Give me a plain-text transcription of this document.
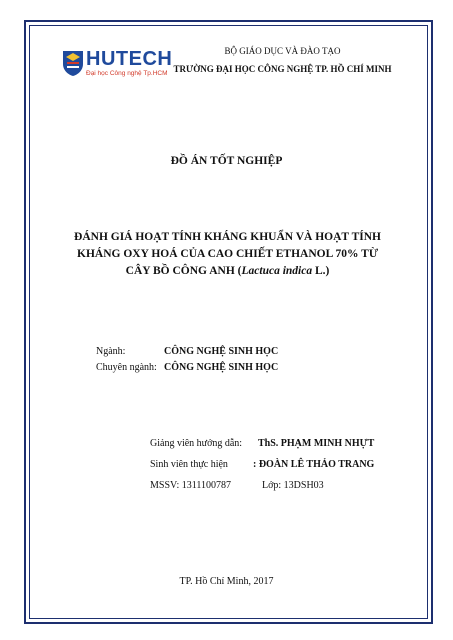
HUTECH
Đại học Công nghệ Tp.HCM
BỘ GIÁO DỤC VÀ ĐÀO TẠO
TRƯỜNG ĐẠI HỌC CÔNG NGHỆ TP. HỒ CHÍ MINH
ĐỒ ÁN TỐT NGHIỆP
ĐÁNH GIÁ HOẠT TÍNH KHÁNG KHUẨN VÀ HOẠT TÍNH
KHÁNG OXY HOÁ CỦA CAO CHIẾT ETHANOL 70% TỪ
CÂY BỒ CÔNG ANH (Lactuca indica L.)
Ngành:	CÔNG NGHỆ SINH HỌC
Chuyên ngành: CÔNG NGHỆ SINH HỌC
Giảng viên hướng dẫn: ThS. PHẠM MINH NHỰT
Sinh viên thực hiện	: ĐOÀN LÊ THẢO TRANG
MSSV: 1311100787	Lớp: 13DSH03
TP. Hồ Chí Minh, 2017
